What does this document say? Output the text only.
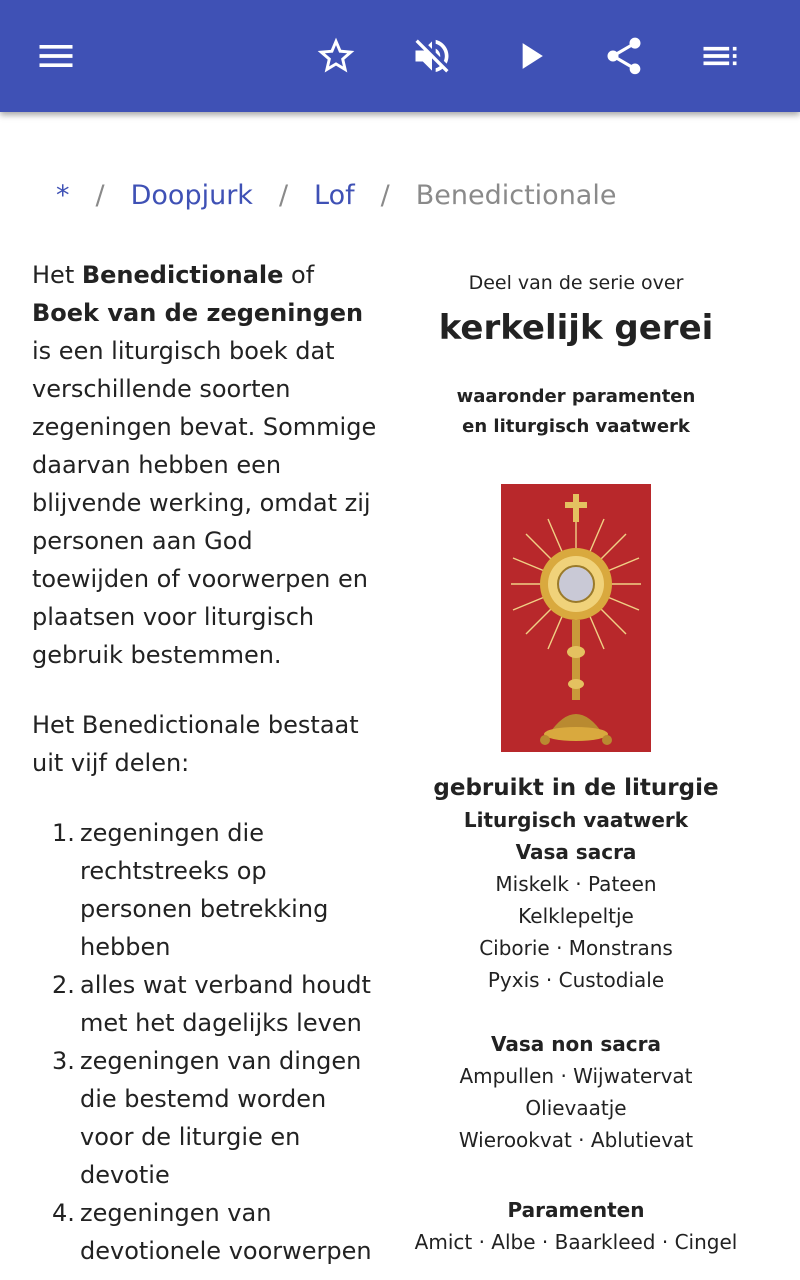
* / Doopjurk / Lof / Benedictionale

Het Benedictionale of Boek van de zegeningen is een liturgisch boek dat verschillende soorten zegeningen bevat. Sommige daarvan hebben een blijvende werking, omdat zij personen aan God toewijden of voorwerpen en plaatsen voor liturgisch gebruik bestemmen.

Het Benedictionale bestaat uit vijf delen:

1. zegeningen die rechtstreeks op personen betrekking hebben
2. alles wat verband houdt met het dagelijks leven
3. zegeningen van dingen die bestemd worden voor de liturgie en devotie
4. zegeningen van devotionele voorwerpen
Deel van de serie over
kerkelijk gerei
waaronder paramenten
en liturgisch vaatwerk
gebruikt in de liturgie
Liturgisch vaatwerk
Vasa sacra
Miskelk · Pateen
Kelklepeltje
Ciborie · Monstrans
Pyxis · Custodiale
Vasa non sacra
Ampullen · Wijwatervat
Olievaatje
Wierookvat · Ablutievat
Paramenten
Amict · Albe · Baarkleed · Cingel
